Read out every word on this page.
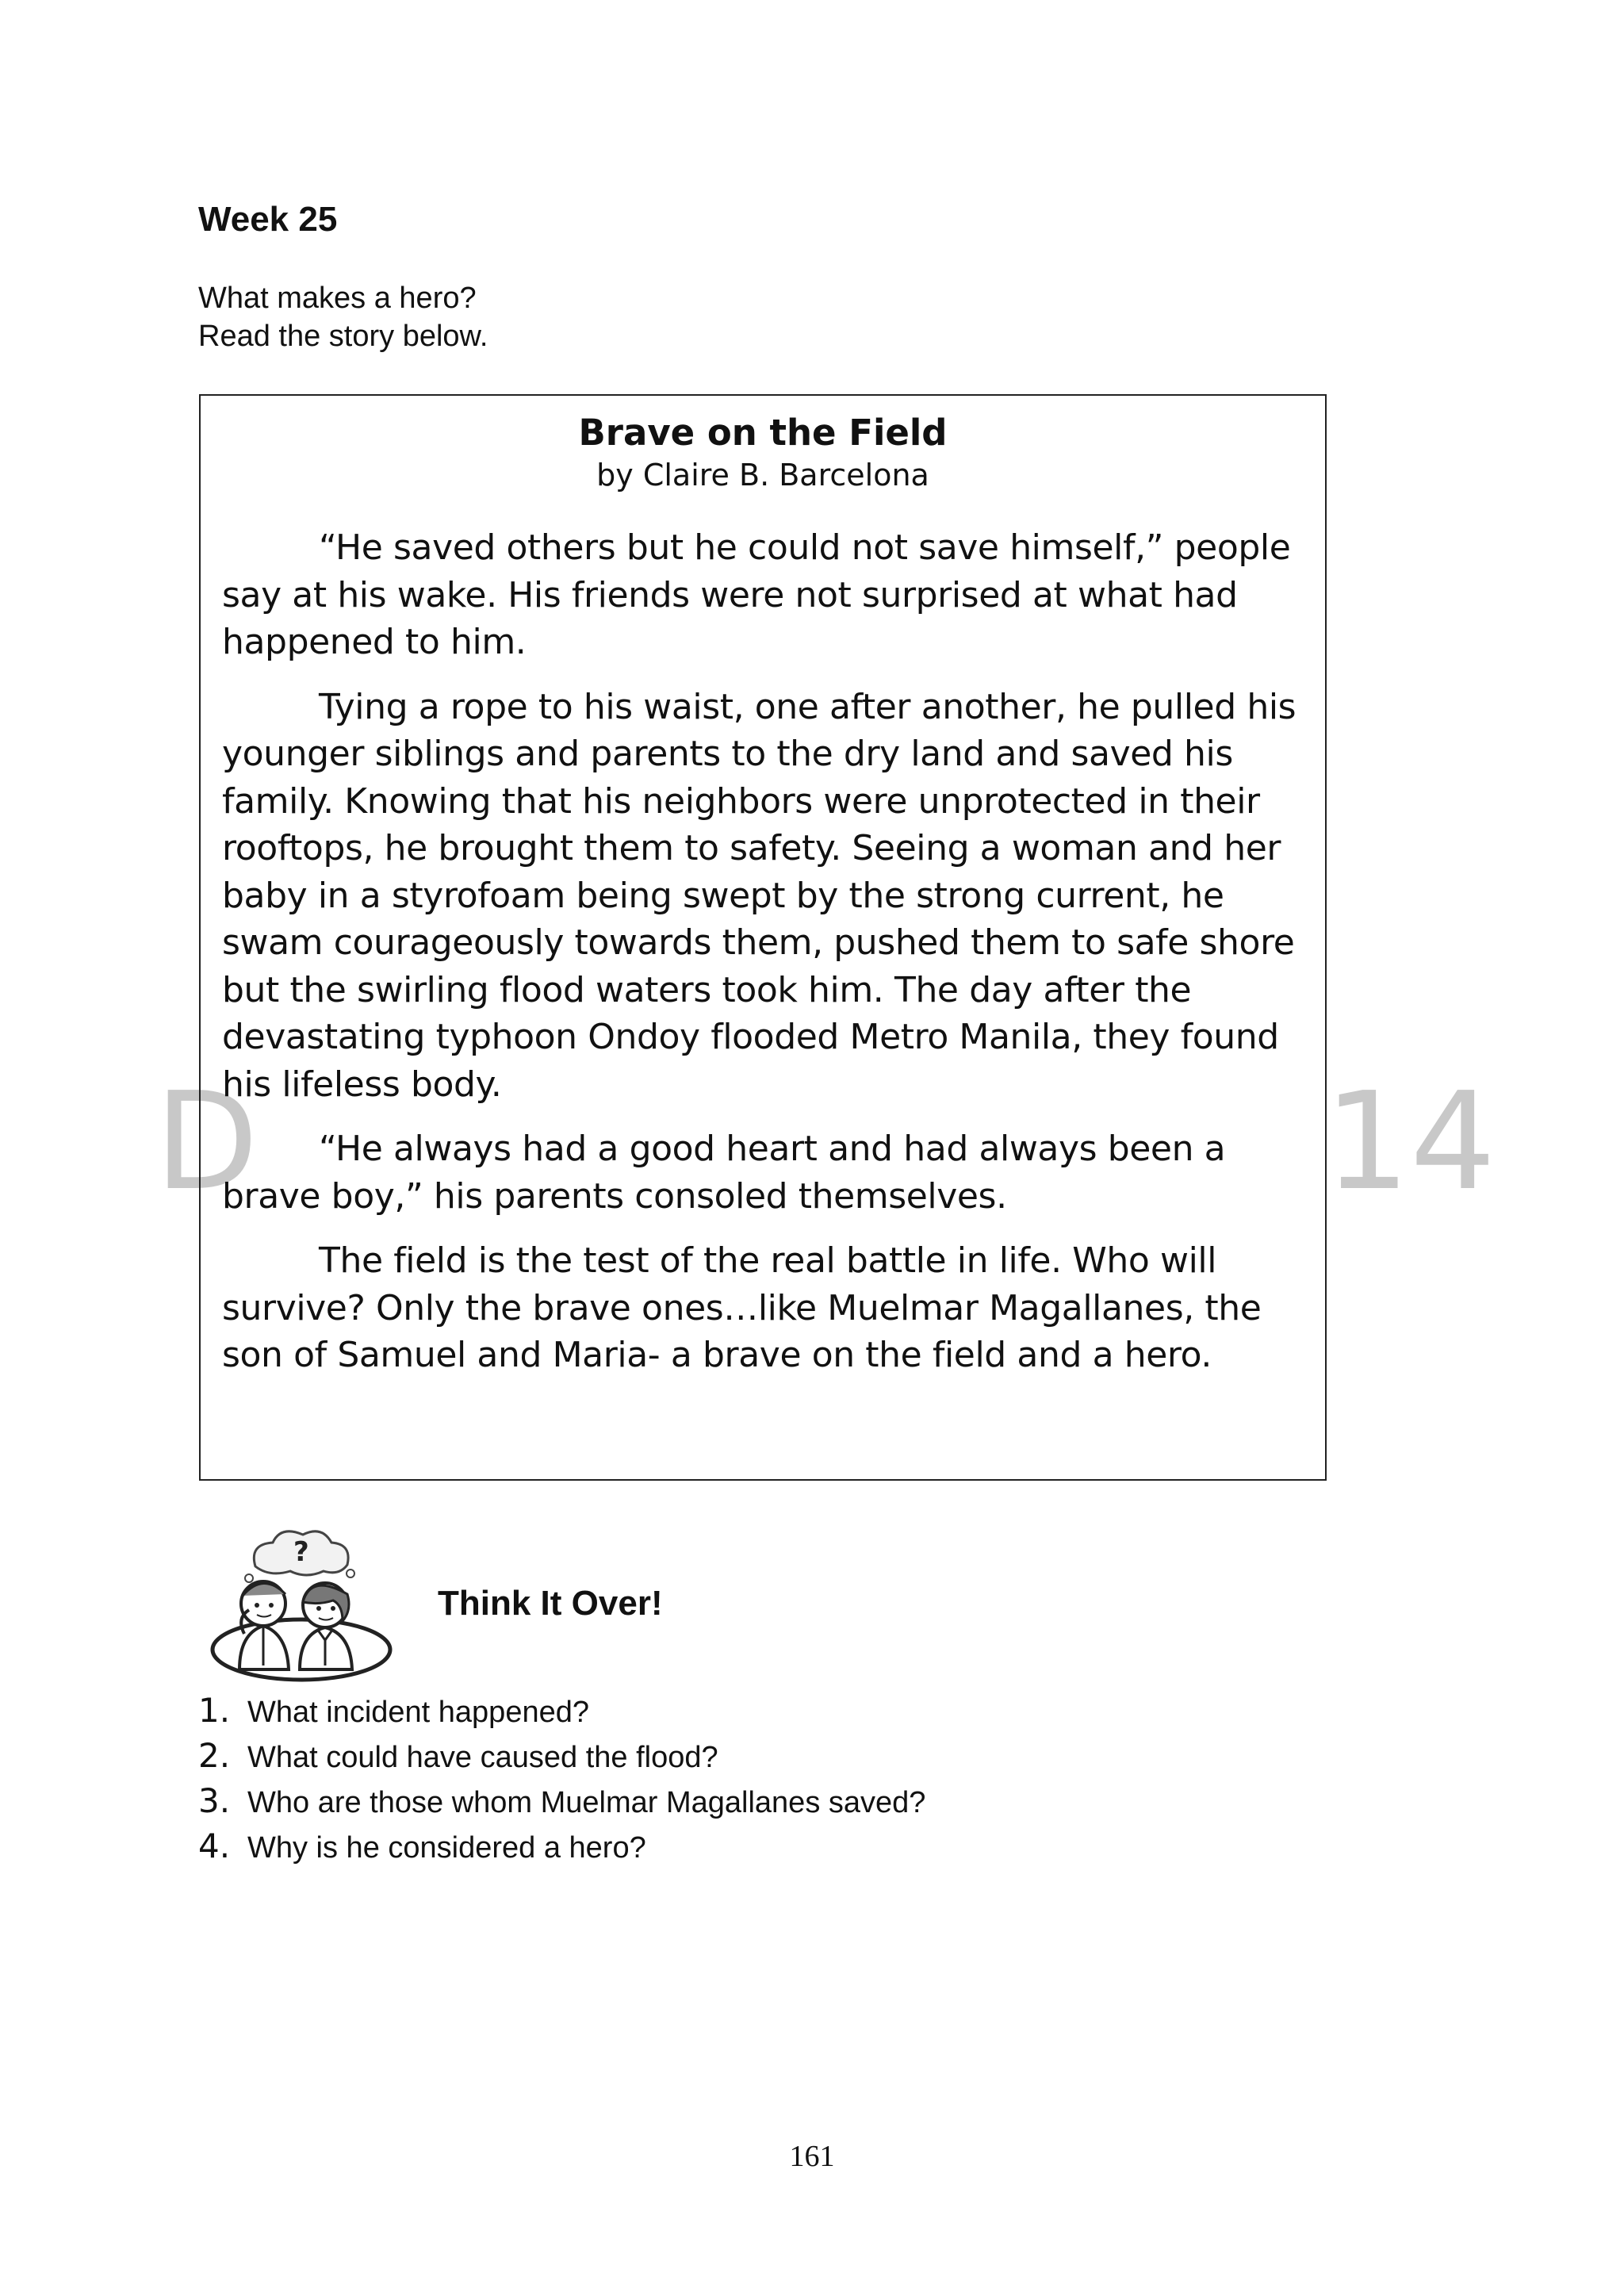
D	14
Week 25
What makes a hero?
Read the story below.
Brave on the Field
by Claire B. Barcelona

“He saved others but he could not save himself,” people say at his wake. His friends were not surprised at what had happened to him.

Tying a rope to his waist, one after another, he pulled his younger siblings and parents to the dry land and saved his family. Knowing that his neighbors were unprotected in their rooftops, he brought them to safety. Seeing a woman and her baby in a styrofoam being swept by the strong current, he swam courageously towards them, pushed them to safe shore but the swirling flood waters took him. The day after the devastating typhoon Ondoy flooded Metro Manila, they found his lifeless body.

“He always had a good heart and had always been a brave boy,” his parents consoled themselves.

The field is the test of the real battle in life. Who will survive? Only the brave ones…like Muelmar Magallanes, the son of Samuel and Maria- a brave on the field and a hero.

?
Think It Over!
1. What incident happened?
2. What could have caused the flood?
3. Who are those whom Muelmar Magallanes saved?
4. Why is he considered a hero?
161
